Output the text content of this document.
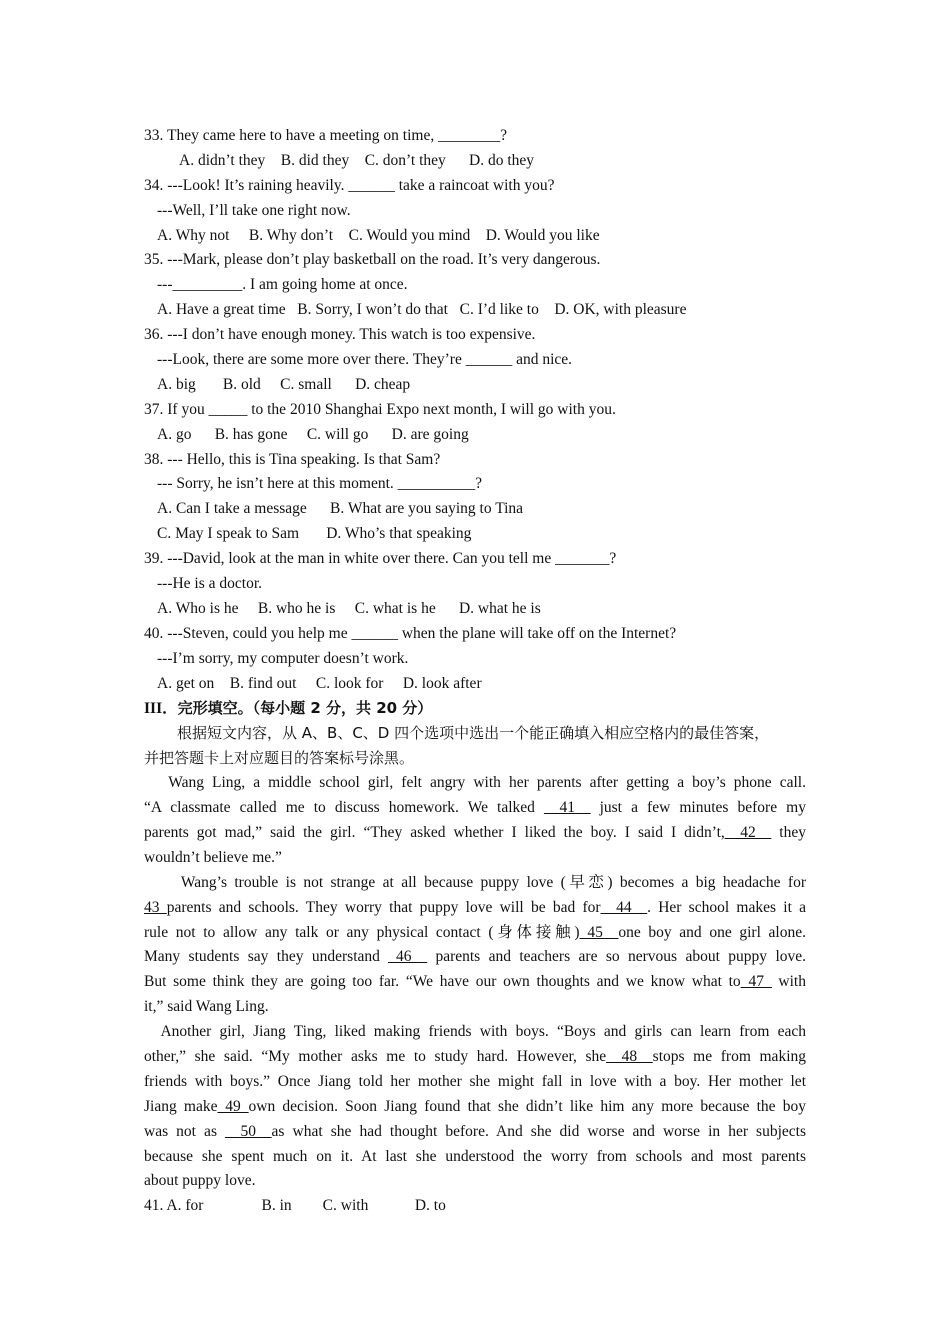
33. They came here to have a meeting on time, ________?
A. didn’t they    B. did they    C. don’t they      D. do they
34. ---Look! It’s raining heavily. ______ take a raincoat with you?
---Well, I’ll take one right now.
A. Why not     B. Why don’t    C. Would you mind    D. Would you like
35. ---Mark, please don’t play basketball on the road. It’s very dangerous.
---_________. I am going home at once.
A. Have a great time   B. Sorry, I won’t do that   C. I’d like to    D. OK, with pleasure
36. ---I don’t have enough money. This watch is too expensive.
---Look, there are some more over there. They’re ______ and nice.
A. big       B. old     C. small      D. cheap
37. If you _____ to the 2010 Shanghai Expo next month, I will go with you.
A. go      B. has gone     C. will go      D. are going
38. --- Hello, this is Tina speaking. Is that Sam?
--- Sorry, he isn’t here at this moment. __________?
A. Can I take a message      B. What are you saying to Tina
C. May I speak to Sam       D. Who’s that speaking
39. ---David, look at the man in white over there. Can you tell me _______?
---He is a doctor.
A. Who is he     B. who he is     C. what is he      D. what he is
40. ---Steven, could you help me ______ when the plane will take off on the Internet?
---I’m sorry, my computer doesn’t work.
A. get on    B. find out     C. look for     D. look after
III．完形填空。（每小题 2 分，共 20 分）
根据短文内容，从 A、B、C、D 四个选项中选出一个能正确填入相应空格内的最佳答案，
并把答题卡上对应题目的答案标号涂黑。
Wang Ling, a middle school girl, felt angry with her parents after getting a boy’s phone call.
“A classmate called me to discuss homework. We talked __41__ just a few minutes before my
parents got mad,” said the girl. “They asked whether I liked the boy. I said I didn’t,__42__ they
wouldn’t believe me.”
Wang’s trouble is not strange at all because puppy love (早恋) becomes a big headache for
43 parents and schools. They worry that puppy love will be bad for__44__. Her school makes it a
rule not to allow any talk or any physical contact (身体接触)_45__one boy and one girl alone.
Many students say they understand _46__ parents and teachers are so nervous about puppy love.
But some think they are going too far. “We have our own thoughts and we know what to_47_ with
it,” said Wang Ling.
Another girl, Jiang Ting, liked making friends with boys. “Boys and girls can learn from each
other,” she said. “My mother asks me to study hard. However, she__48__stops me from making
friends with boys.” Once Jiang told her mother she might fall in love with a boy. Her mother let
Jiang make_49_own decision. Soon Jiang found that she didn’t like him any more because the boy
was not as __50__as what she had thought before. And she did worse and worse in her subjects
because she spent much on it. At last she understood the worry from schools and most parents
about puppy love.
41. A. for               B. in        C. with            D. to
